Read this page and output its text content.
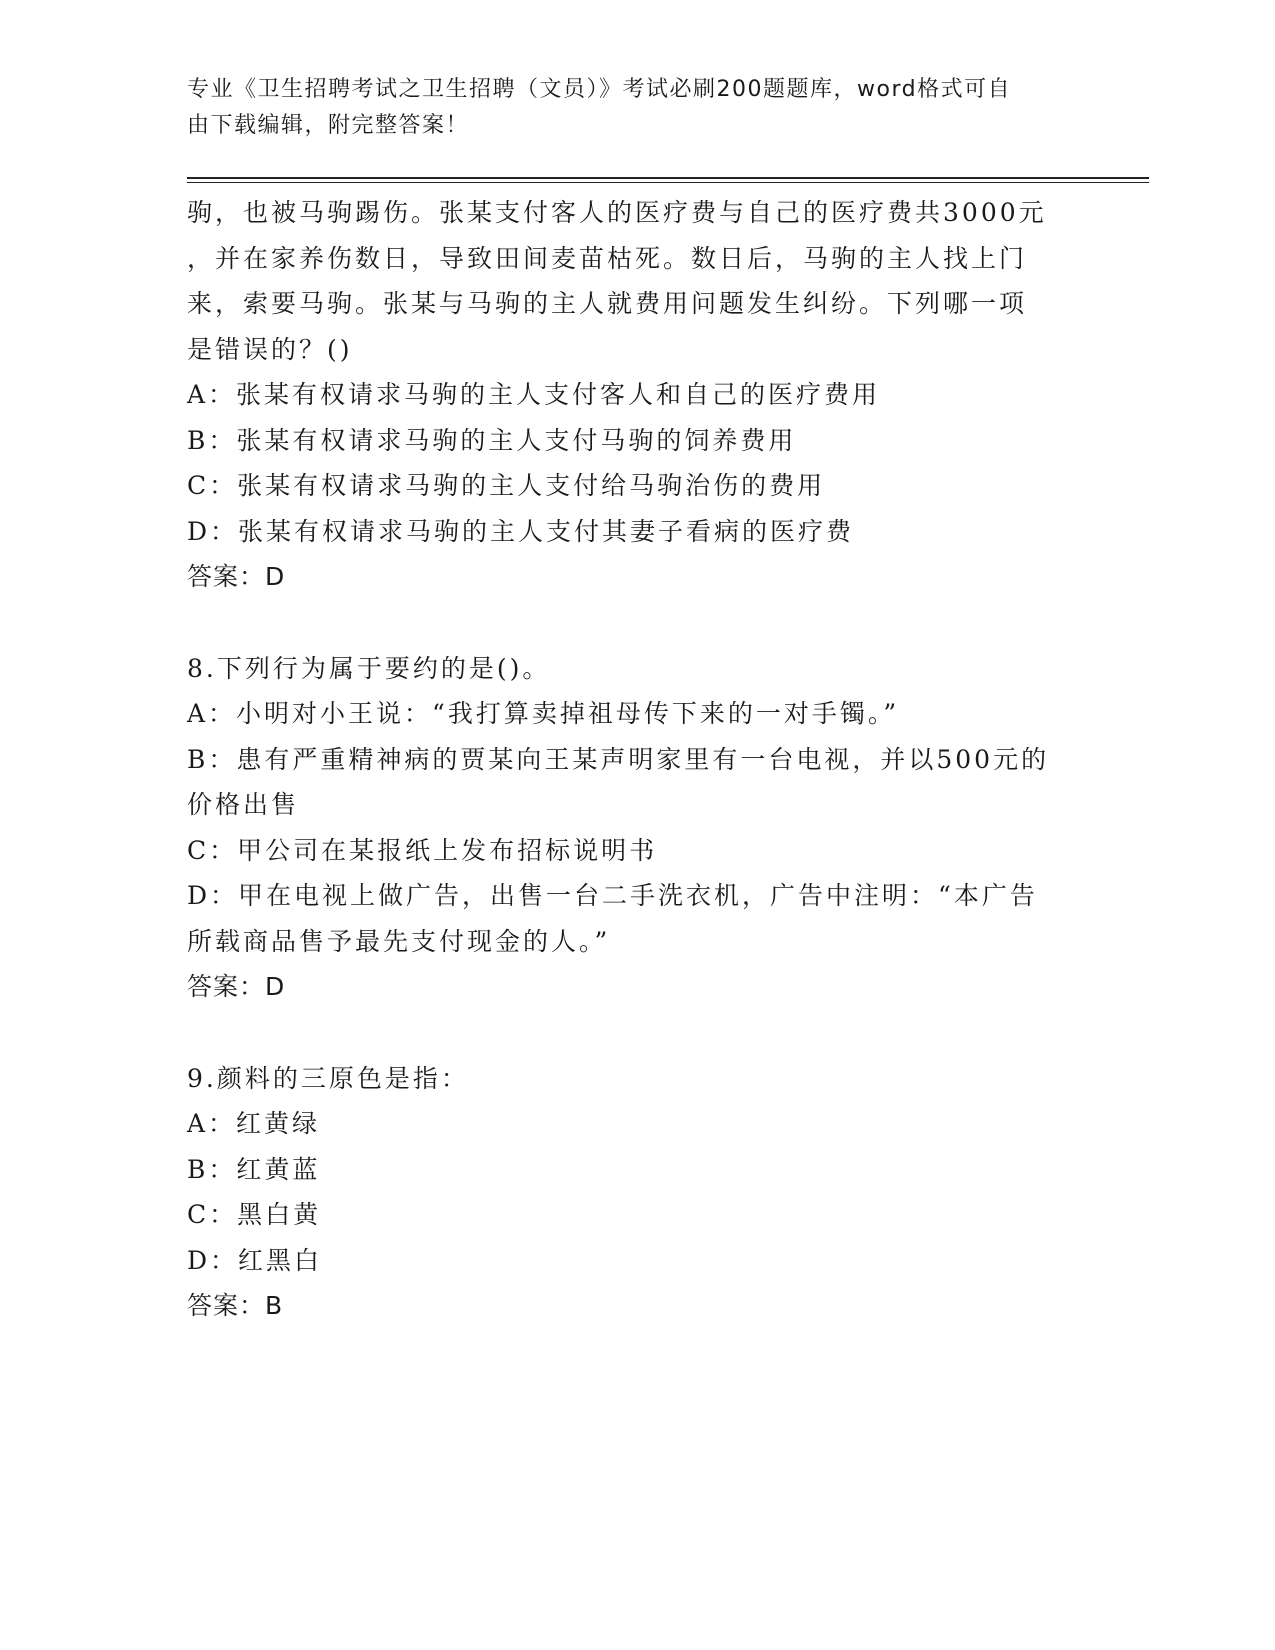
专业《卫生招聘考试之卫生招聘（文员）》考试必刷200题题库，word格式可自
由下载编辑，附完整答案！
驹，也被马驹踢伤。张某支付客人的医疗费与自己的医疗费共3000元
，并在家养伤数日，导致田间麦苗枯死。数日后，马驹的主人找上门
来，索要马驹。张某与马驹的主人就费用问题发生纠纷。下列哪一项
是错误的？()
A：张某有权请求马驹的主人支付客人和自己的医疗费用
B：张某有权请求马驹的主人支付马驹的饲养费用
C：张某有权请求马驹的主人支付给马驹治伤的费用
D：张某有权请求马驹的主人支付其妻子看病的医疗费
答案：D
8.下列行为属于要约的是()。
A：小明对小王说：“我打算卖掉祖母传下来的一对手镯。”
B：患有严重精神病的贾某向王某声明家里有一台电视，并以500元的
价格出售
C：甲公司在某报纸上发布招标说明书
D：甲在电视上做广告，出售一台二手洗衣机，广告中注明：“本广告
所载商品售予最先支付现金的人。”
答案：D
9.颜料的三原色是指：
A：红黄绿
B：红黄蓝
C：黑白黄
D：红黑白
答案：B
